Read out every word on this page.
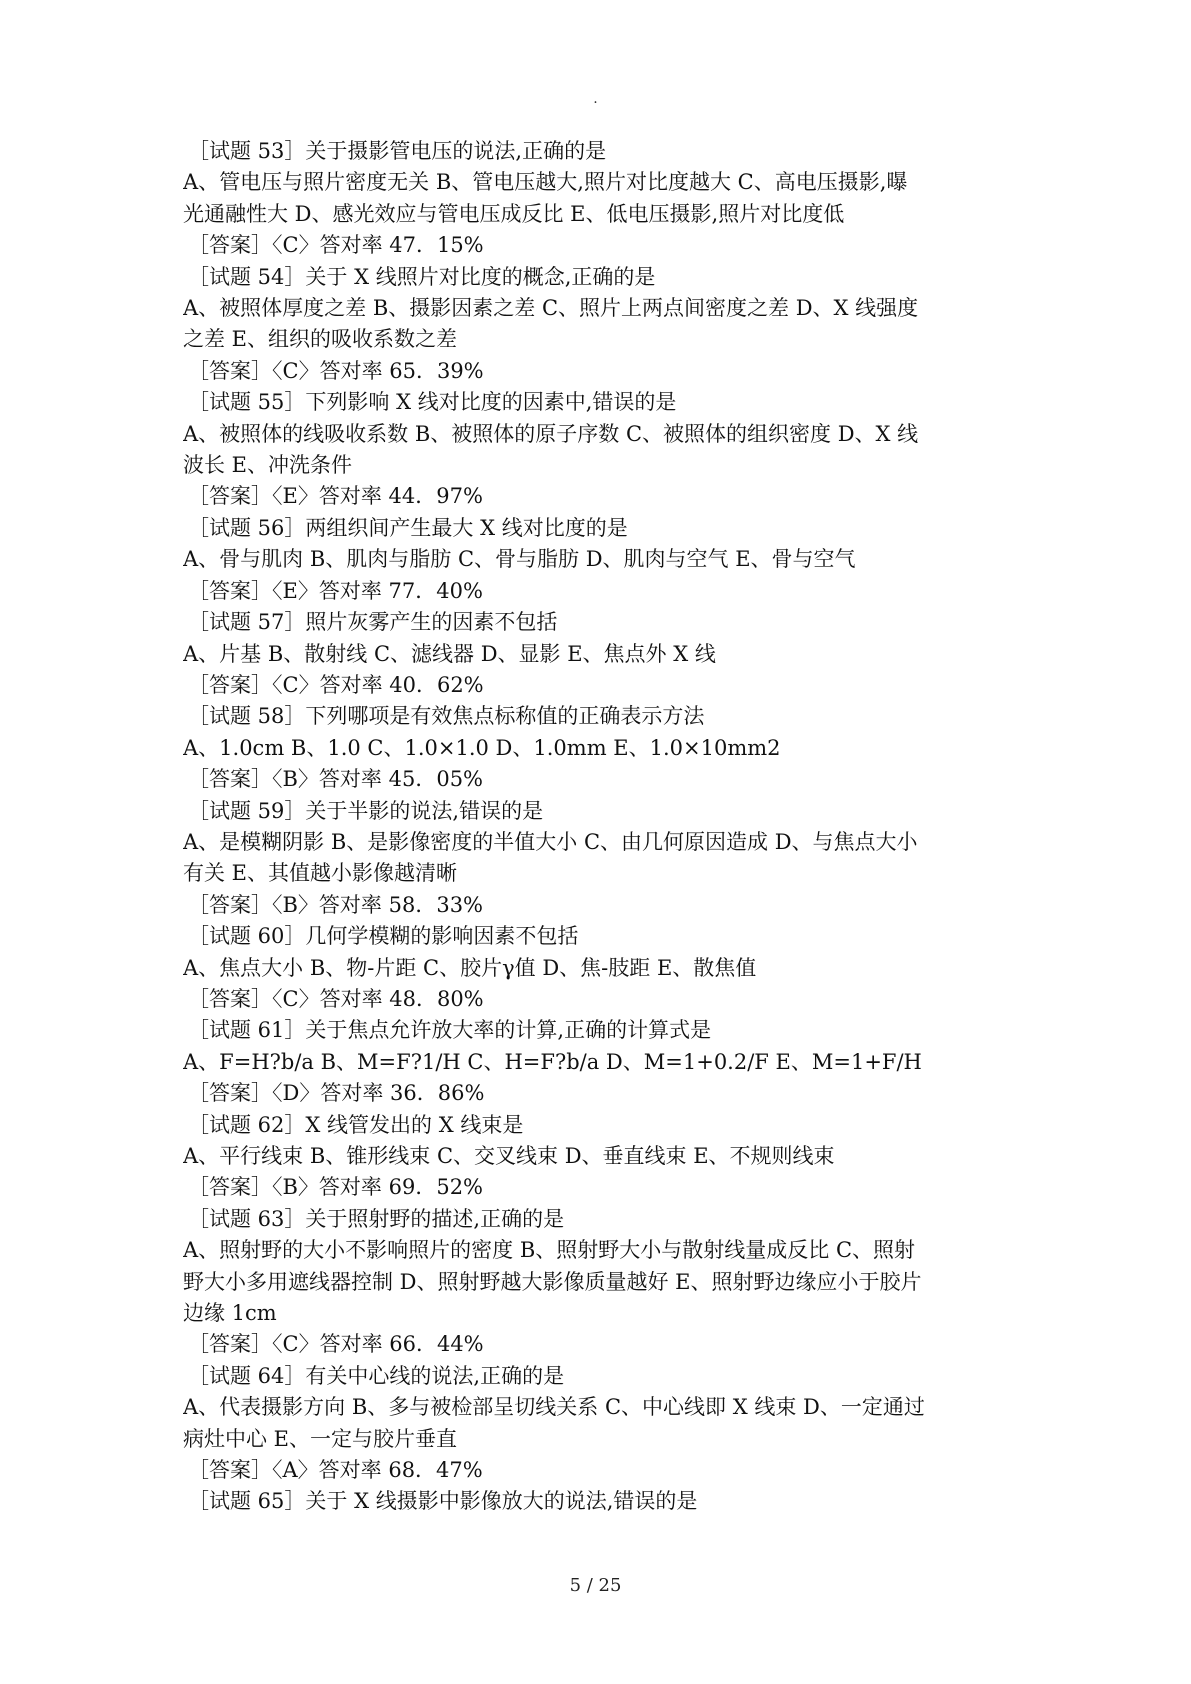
.
［试题 53］关于摄影管电压的说法,正确的是
A、管电压与照片密度无关 B、管电压越大,照片对比度越大 C、高电压摄影,曝
光通融性大 D、感光效应与管电压成反比 E、低电压摄影,照片对比度低
［答案］〈C〉答对率 47．15%
［试题 54］关于 X 线照片对比度的概念,正确的是
A、被照体厚度之差 B、摄影因素之差 C、照片上两点间密度之差 D、X 线强度
之差 E、组织的吸收系数之差
［答案］〈C〉答对率 65．39%
［试题 55］下列影响 X 线对比度的因素中,错误的是
A、被照体的线吸收系数 B、被照体的原子序数 C、被照体的组织密度 D、X 线
波长 E、冲洗条件
［答案］〈E〉答对率 44．97%
［试题 56］两组织间产生最大 X 线对比度的是
A、骨与肌肉 B、肌肉与脂肪 C、骨与脂肪 D、肌肉与空气 E、骨与空气
［答案］〈E〉答对率 77．40%
［试题 57］照片灰雾产生的因素不包括
A、片基 B、散射线 C、滤线器 D、显影 E、焦点外 X 线
［答案］〈C〉答对率 40．62%
［试题 58］下列哪项是有效焦点标称值的正确表示方法
A、1.0cm B、1.0 C、1.0×1.0 D、1.0mm E、1.0×10mm2
［答案］〈B〉答对率 45．05%
［试题 59］关于半影的说法,错误的是
A、是模糊阴影 B、是影像密度的半值大小 C、由几何原因造成 D、与焦点大小
有关 E、其值越小影像越清晰
［答案］〈B〉答对率 58．33%
［试题 60］几何学模糊的影响因素不包括
A、焦点大小 B、物-片距 C、胶片γ值 D、焦-肢距 E、散焦值
［答案］〈C〉答对率 48．80%
［试题 61］关于焦点允许放大率的计算,正确的计算式是
A、F=H?b/a B、M=F?1/H C、H=F?b/a D、M=1+0.2/F E、M=1+F/H
［答案］〈D〉答对率 36．86%
［试题 62］X 线管发出的 X 线束是
A、平行线束 B、锥形线束 C、交叉线束 D、垂直线束 E、不规则线束
［答案］〈B〉答对率 69．52%
［试题 63］关于照射野的描述,正确的是
A、照射野的大小不影响照片的密度 B、照射野大小与散射线量成反比 C、照射
野大小多用遮线器控制 D、照射野越大影像质量越好 E、照射野边缘应小于胶片
边缘 1cm
［答案］〈C〉答对率 66．44%
［试题 64］有关中心线的说法,正确的是
A、代表摄影方向 B、多与被检部呈切线关系 C、中心线即 X 线束 D、一定通过
病灶中心 E、一定与胶片垂直
［答案］〈A〉答对率 68．47%
［试题 65］关于 X 线摄影中影像放大的说法,错误的是
5 / 25
